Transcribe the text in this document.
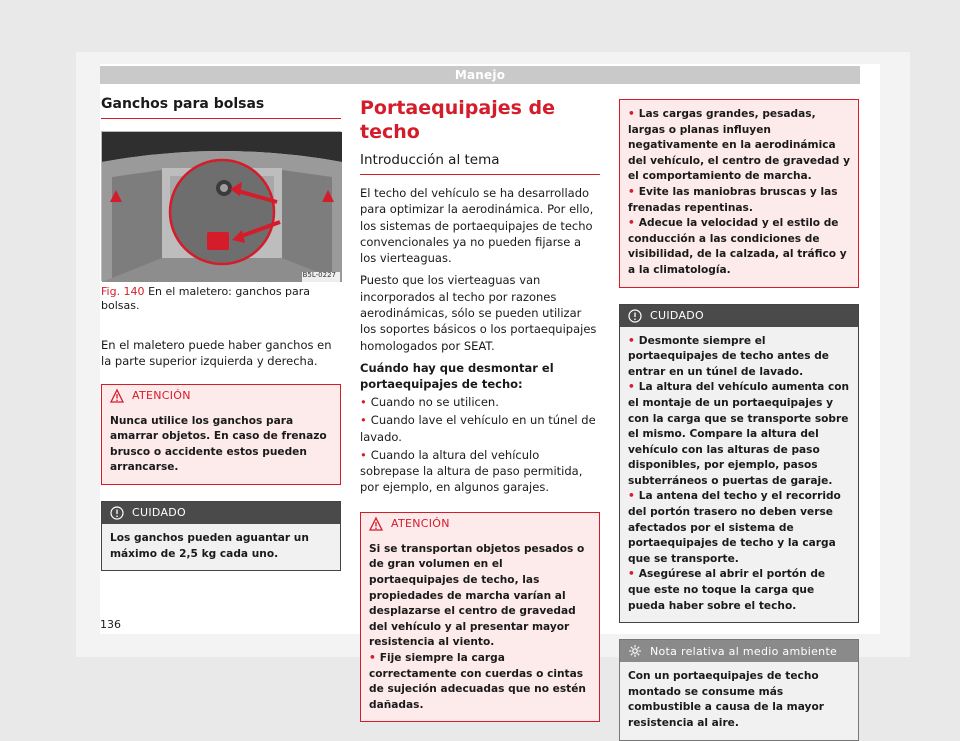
Manejo
Ganchos para bolsas
B5L-0227
Fig. 140 En el maletero: ganchos para bolsas.

En el maletero puede haber ganchos en la parte superior izquierda y derecha.

ATENCIÓN
Nunca utilice los ganchos para amarrar objetos. En caso de frenazo brusco o accidente estos pueden arrancarse.
CUIDADO
Los ganchos pueden aguantar un máximo de 2,5 kg cada uno.
Portaequipajes de techo
Introducción al tema

El techo del vehículo se ha desarrollado para optimizar la aerodinámica. Por ello, los sistemas de portaequipajes de techo convencionales ya no pueden fijarse a los vierteaguas.

Puesto que los vierteaguas van incorporados al techo por razones aerodinámicas, sólo se pueden utilizar los soportes básicos o los portaequipajes homologados por SEAT.

Cuándo hay que desmontar el portaequipajes de techo:

• Cuando no se utilicen.

• Cuando lave el vehículo en un túnel de lavado.

• Cuando la altura del vehículo sobrepase la altura de paso permitida, por ejemplo, en algunos garajes.

ATENCIÓN
Si se transportan objetos pesados o de gran volumen en el portaequipajes de techo, las propiedades de marcha varían al desplazarse el centro de gravedad del vehículo y al presentar mayor resistencia al viento.
• Fije siempre la carga correctamente con cuerdas o cintas de sujeción adecuadas que no estén dañadas.
• Las cargas grandes, pesadas, largas o planas influyen negativamente en la aerodinámica del vehículo, el centro de gravedad y el comportamiento de marcha.
• Evite las maniobras bruscas y las frenadas repentinas.
• Adecue la velocidad y el estilo de conducción a las condiciones de visibilidad, de la calzada, al tráfico y a la climatología.
CUIDADO
• Desmonte siempre el portaequipajes de techo antes de entrar en un túnel de lavado.
• La altura del vehículo aumenta con el montaje de un portaequipajes y con la carga que se transporte sobre el mismo. Compare la altura del vehículo con las alturas de paso disponibles, por ejemplo, pasos subterráneos o puertas de garaje.
• La antena del techo y el recorrido del portón trasero no deben verse afectados por el sistema de portaequipajes de techo y la carga que se transporte.
• Asegúrese al abrir el portón de que este no toque la carga que pueda haber sobre el techo.
Nota relativa al medio ambiente
Con un portaequipajes de techo montado se consume más combustible a causa de la mayor resistencia al aire.
136
